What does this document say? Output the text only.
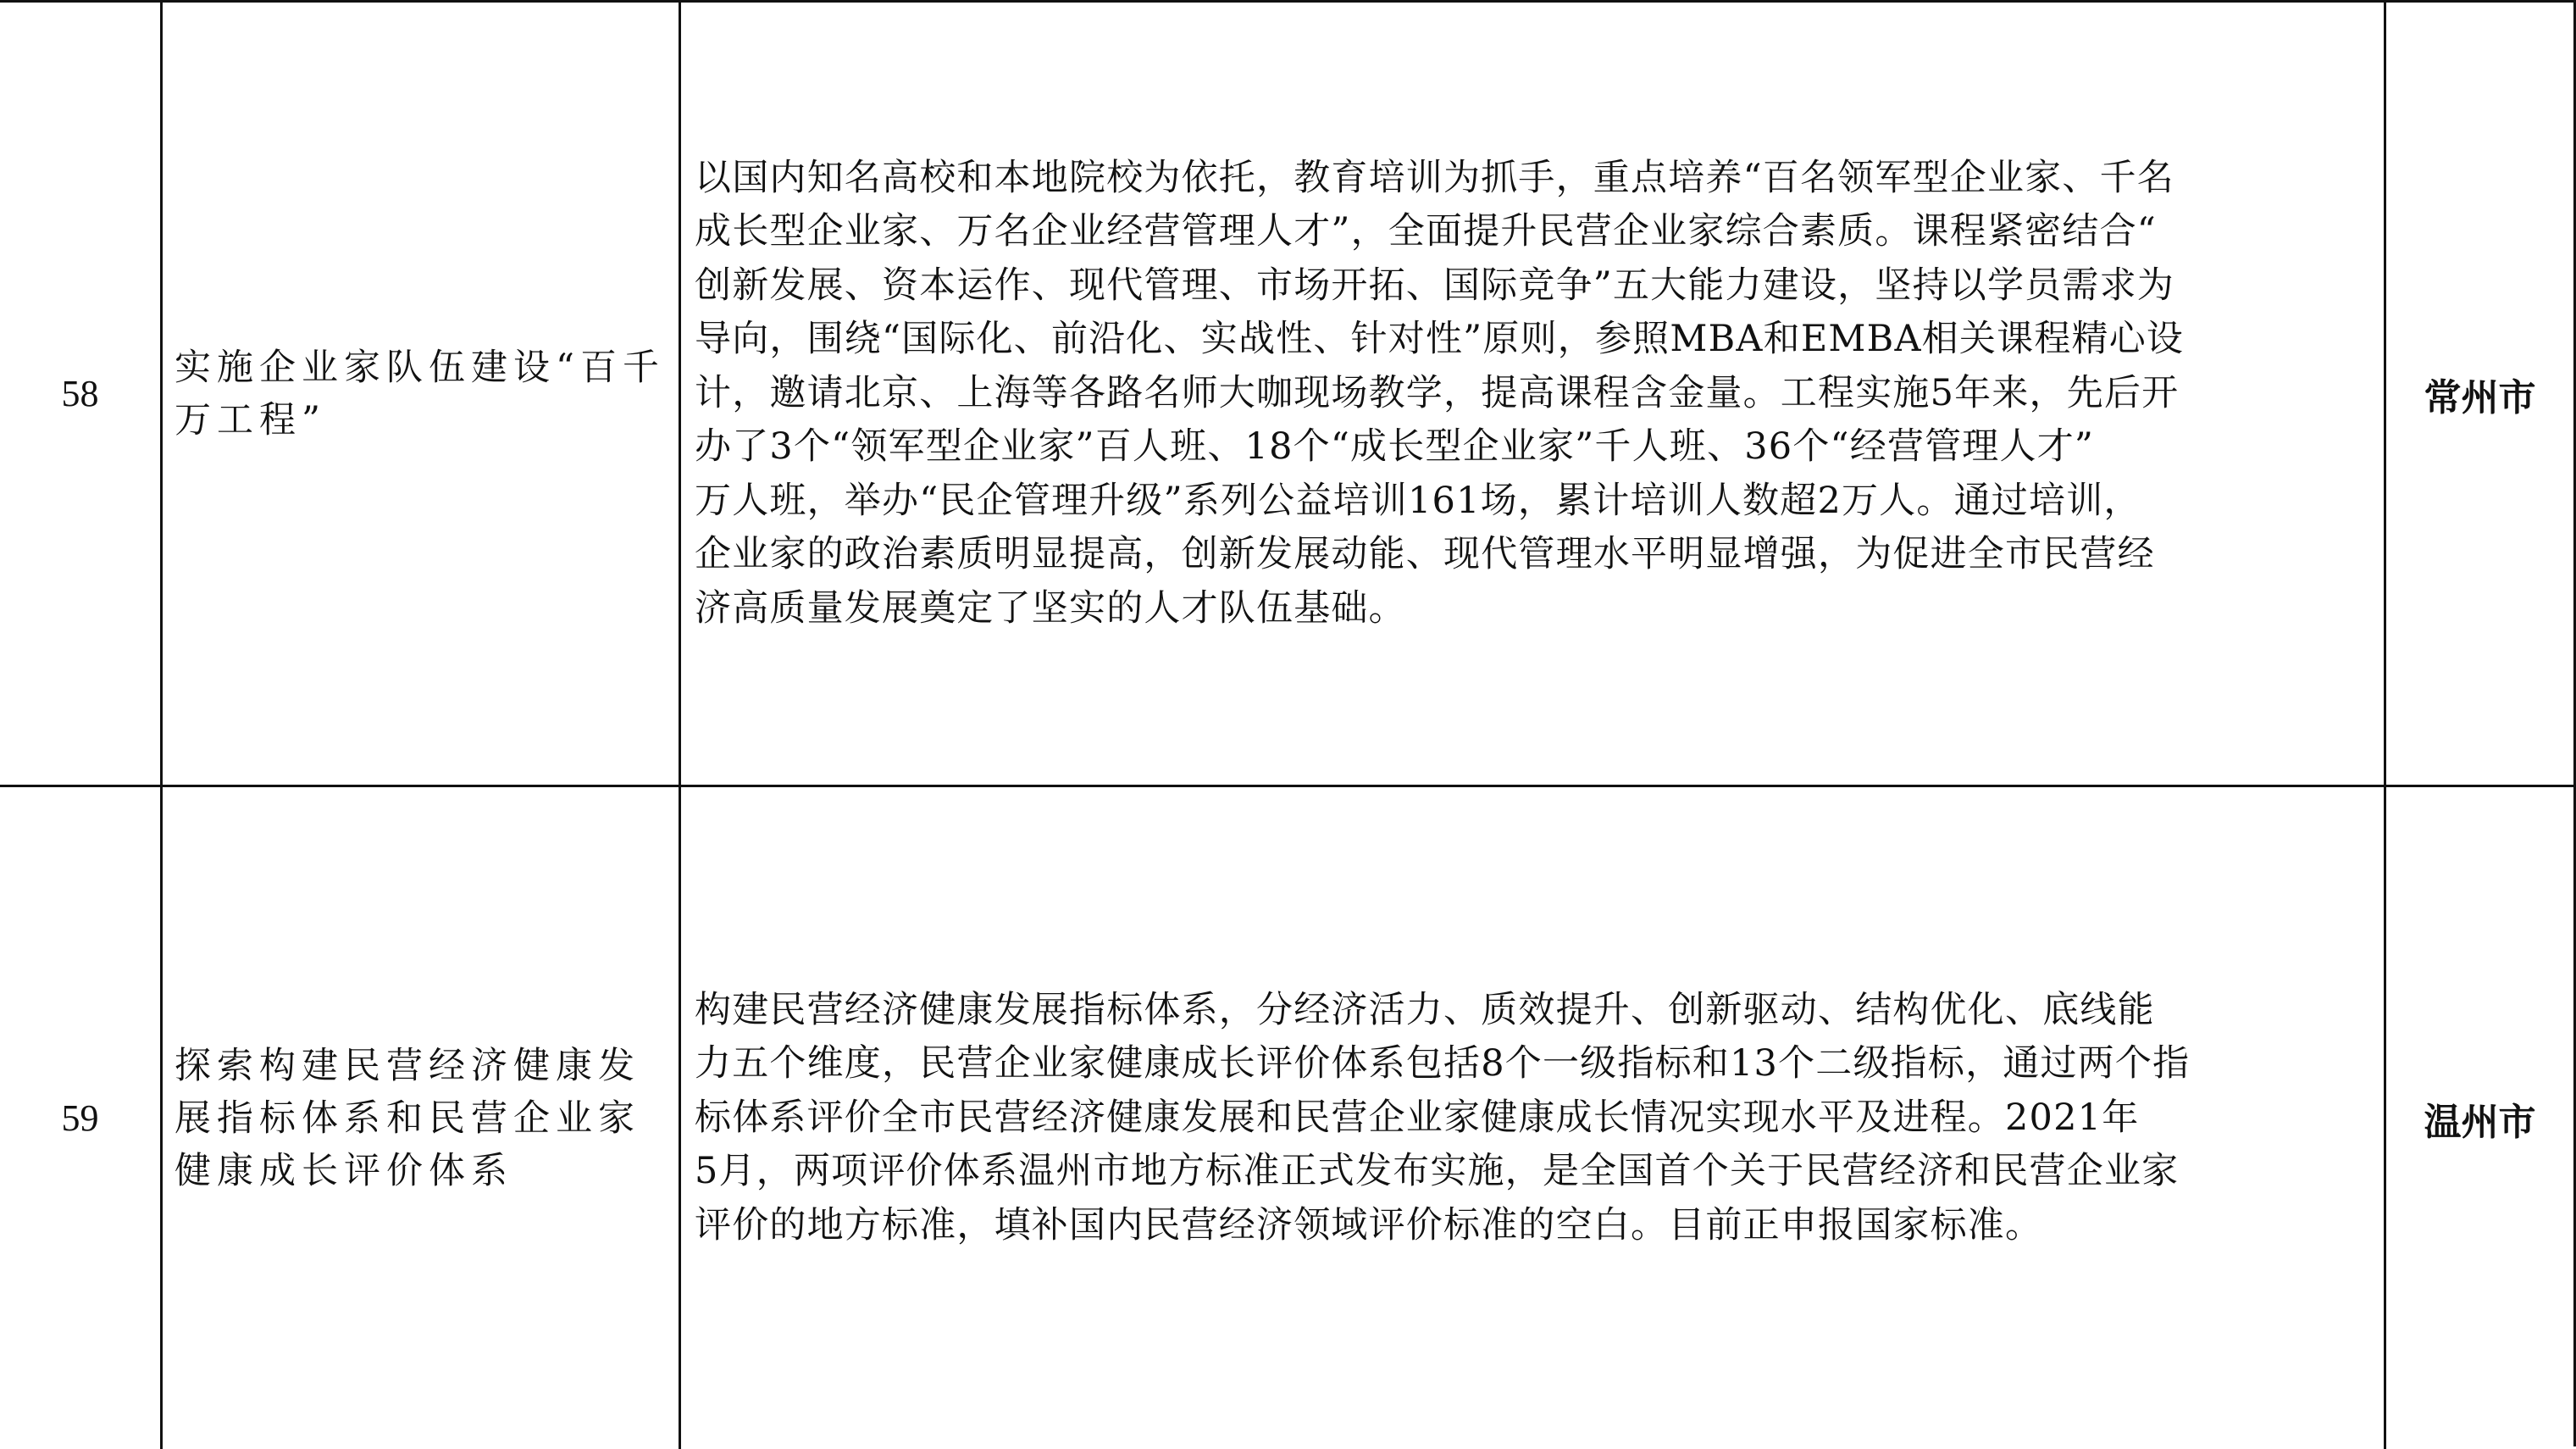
58
实施企业家队伍建设“百千
万工程”
以国内知名高校和本地院校为依托，教育培训为抓手，重点培养“百名领军型企业家、千名
成长型企业家、万名企业经营管理人才”，全面提升民营企业家综合素质。课程紧密结合“
创新发展、资本运作、现代管理、市场开拓、国际竞争”五大能力建设，坚持以学员需求为
导向，围绕“国际化、前沿化、实战性、针对性”原则，参照MBA和EMBA相关课程精心设
计，邀请北京、上海等各路名师大咖现场教学，提高课程含金量。工程实施5年来，先后开
办了3个“领军型企业家”百人班、18个“成长型企业家”千人班、36个“经营管理人才”
万人班，举办“民企管理升级”系列公益培训161场，累计培训人数超2万人。通过培训，
企业家的政治素质明显提高，创新发展动能、现代管理水平明显增强，为促进全市民营经
济高质量发展奠定了坚实的人才队伍基础。
常州市
59
探索构建民营经济健康发
展指标体系和民营企业家
健康成长评价体系
构建民营经济健康发展指标体系，分经济活力、质效提升、创新驱动、结构优化、底线能
力五个维度，民营企业家健康成长评价体系包括8个一级指标和13个二级指标，通过两个指
标体系评价全市民营经济健康发展和民营企业家健康成长情况实现水平及进程。2021年
5月，两项评价体系温州市地方标准正式发布实施，是全国首个关于民营经济和民营企业家
评价的地方标准，填补国内民营经济领域评价标准的空白。目前正申报国家标准。
温州市
